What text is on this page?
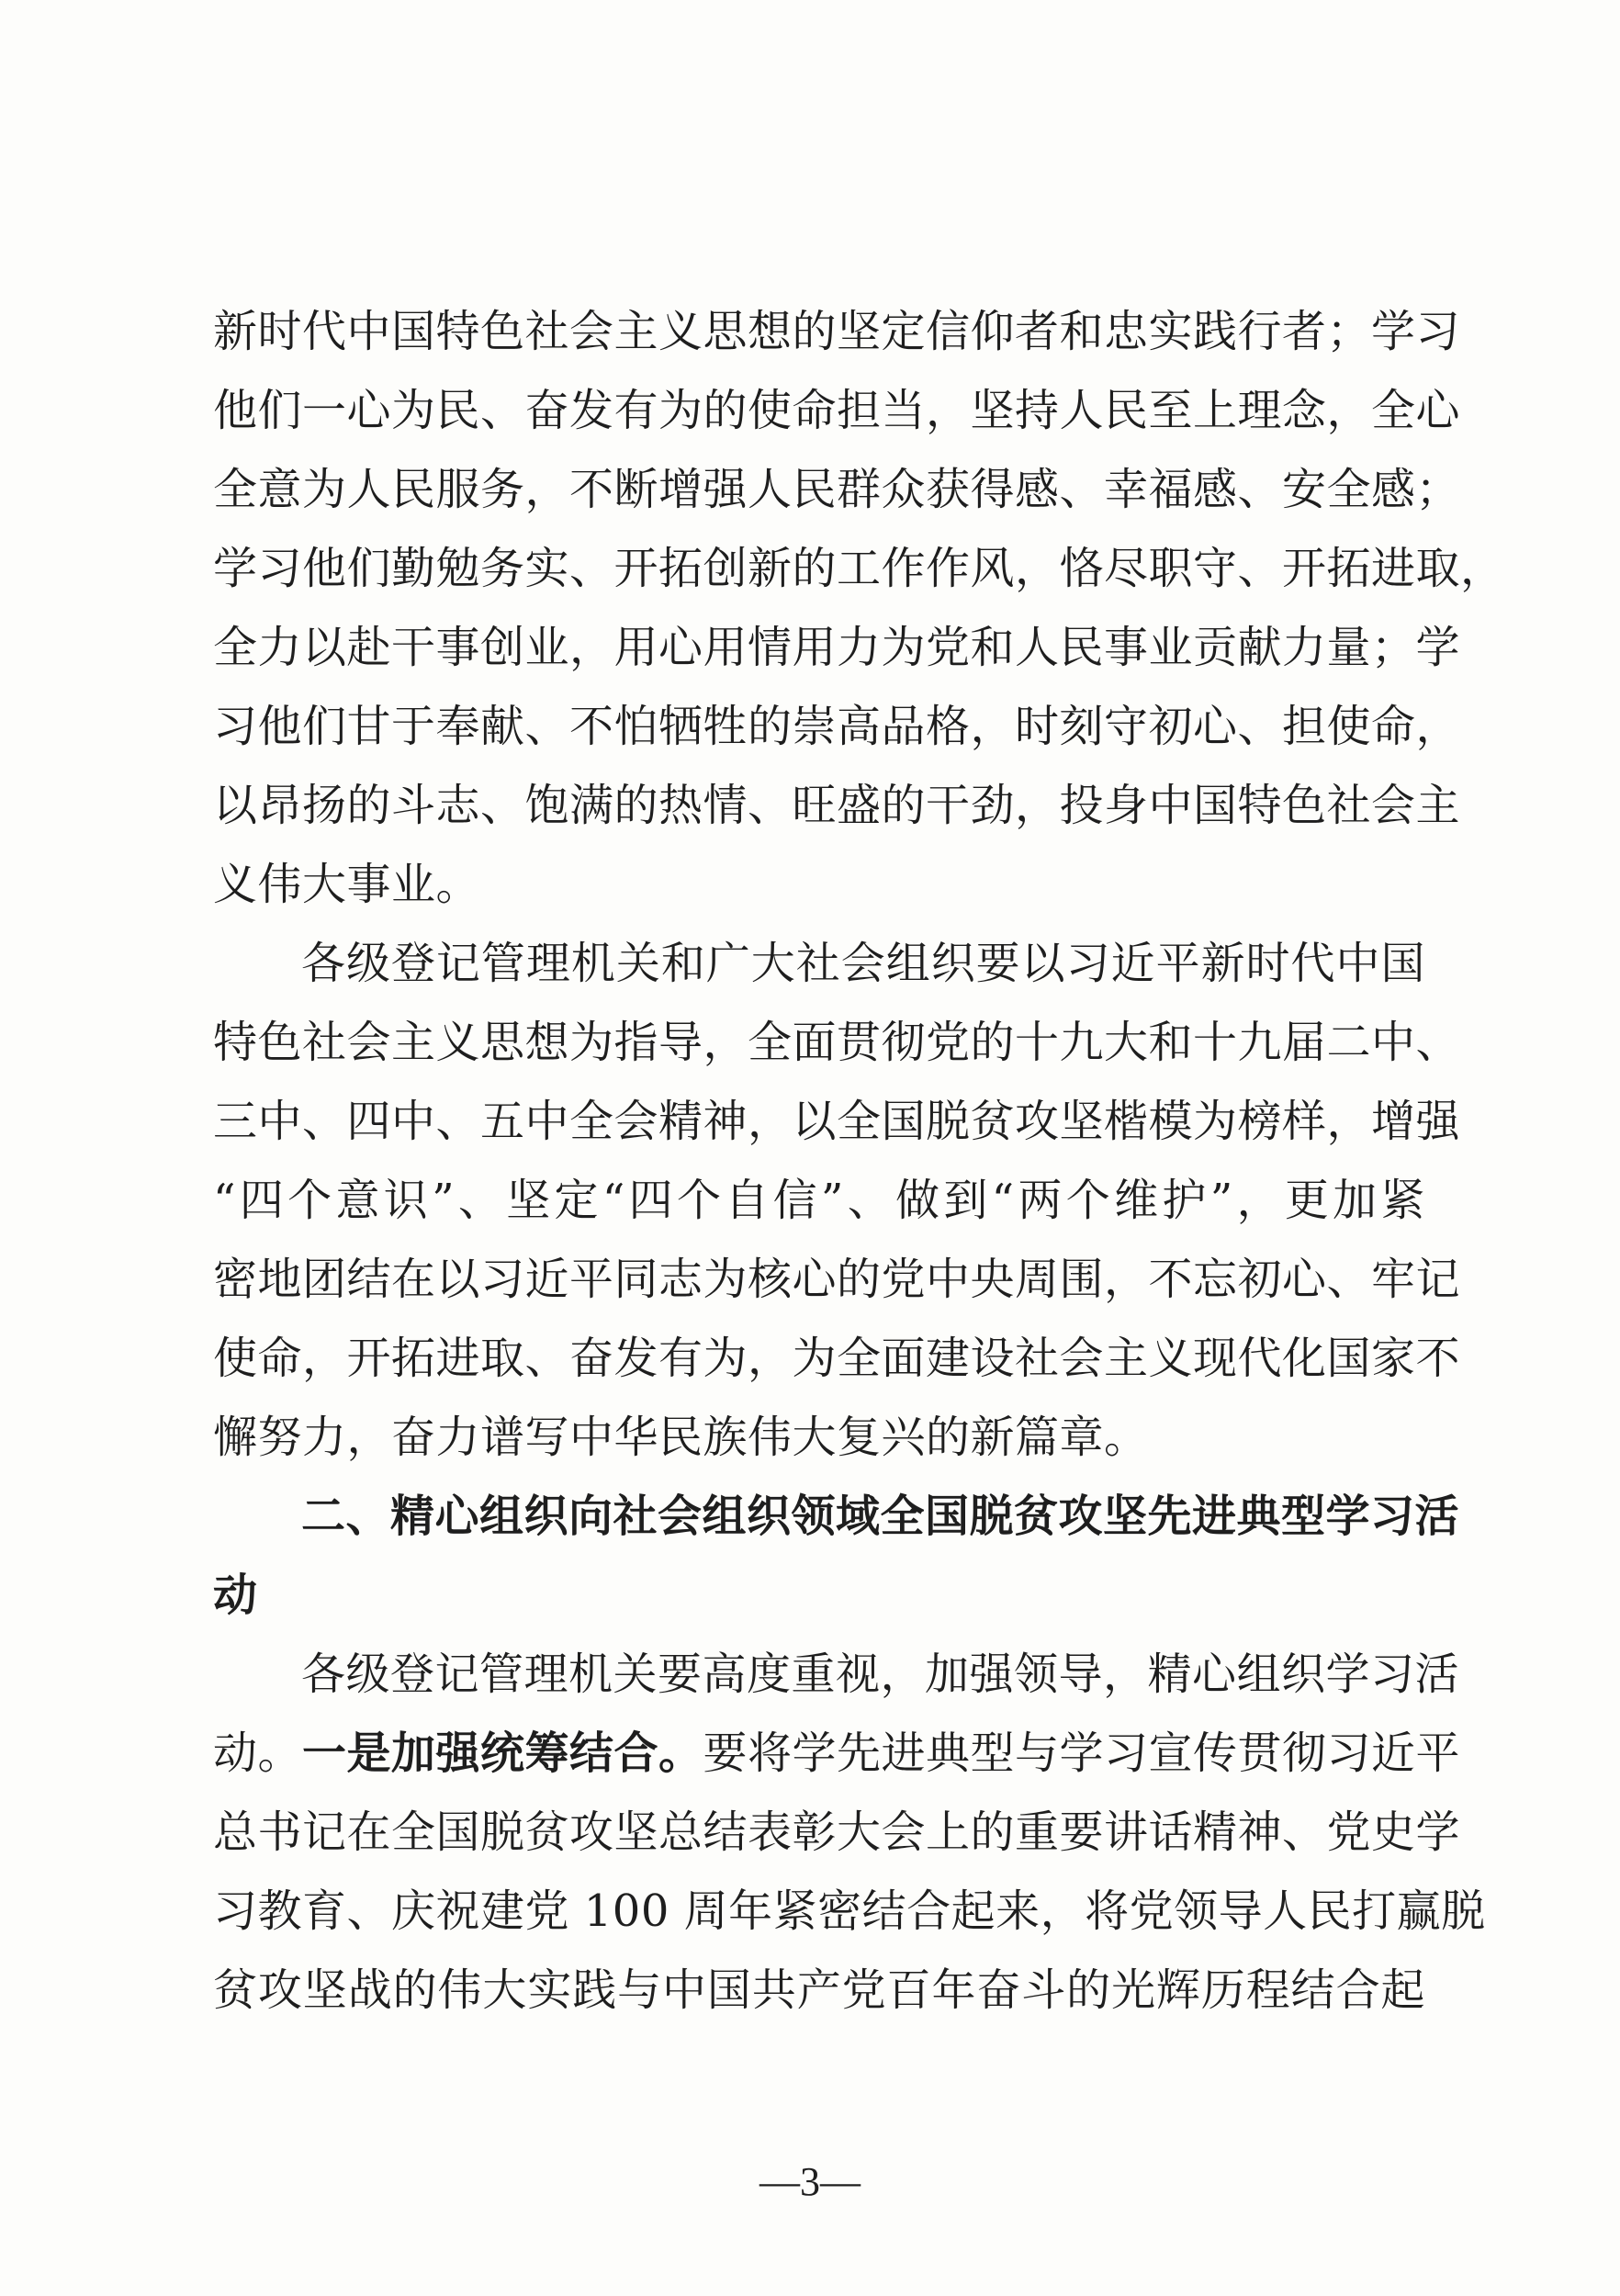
新时代中国特色社会主义思想的坚定信仰者和忠实践行者；学习
他们一心为民、奋发有为的使命担当，坚持人民至上理念，全心
全意为人民服务，不断增强人民群众获得感、幸福感、安全感；
学习他们勤勉务实、开拓创新的工作作风，恪尽职守、开拓进取，
全力以赴干事创业，用心用情用力为党和人民事业贡献力量；学
习他们甘于奉献、不怕牺牲的崇高品格，时刻守初心、担使命，
以昂扬的斗志、饱满的热情、旺盛的干劲，投身中国特色社会主
义伟大事业。
各级登记管理机关和广大社会组织要以习近平新时代中国
特色社会主义思想为指导，全面贯彻党的十九大和十九届二中、
三中、四中、五中全会精神，以全国脱贫攻坚楷模为榜样，增强
“四个意识”、坚定“四个自信”、做到“两个维护”，更加紧
密地团结在以习近平同志为核心的党中央周围，不忘初心、牢记
使命，开拓进取、奋发有为，为全面建设社会主义现代化国家不
懈努力，奋力谱写中华民族伟大复兴的新篇章。
二、精心组织向社会组织领域全国脱贫攻坚先进典型学习活
动
各级登记管理机关要高度重视，加强领导，精心组织学习活
动。一是加强统筹结合。要将学先进典型与学习宣传贯彻习近平
总书记在全国脱贫攻坚总结表彰大会上的重要讲话精神、党史学
习教育、庆祝建党 100 周年紧密结合起来，将党领导人民打赢脱
贫攻坚战的伟大实践与中国共产党百年奋斗的光辉历程结合起
—3—
